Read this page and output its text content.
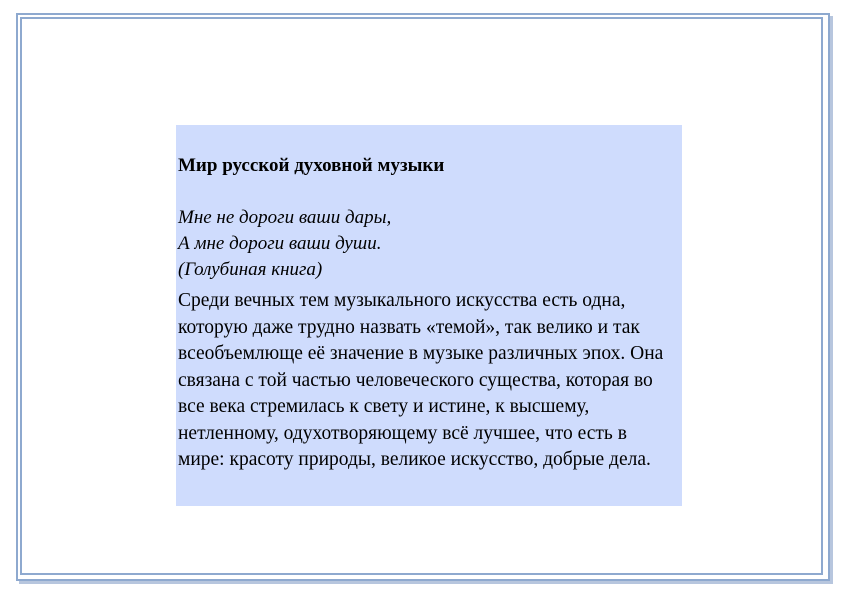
Мир русской духовной музыки

Мне не дороги ваши дары,
А мне дороги ваши души.
(Голубиная книга)

Среди вечных тем музыкального искусства есть одна, которую даже трудно назвать «темой», так велико и так всеобъемлюще её значение в музыке различных эпох. Она связана с той частью человеческого существа, которая во все века стремилась к свету и истине, к высшему, нетленному, одухотворяющему всё лучшее, что есть в мире: красоту природы, великое искусство, добрые дела.
